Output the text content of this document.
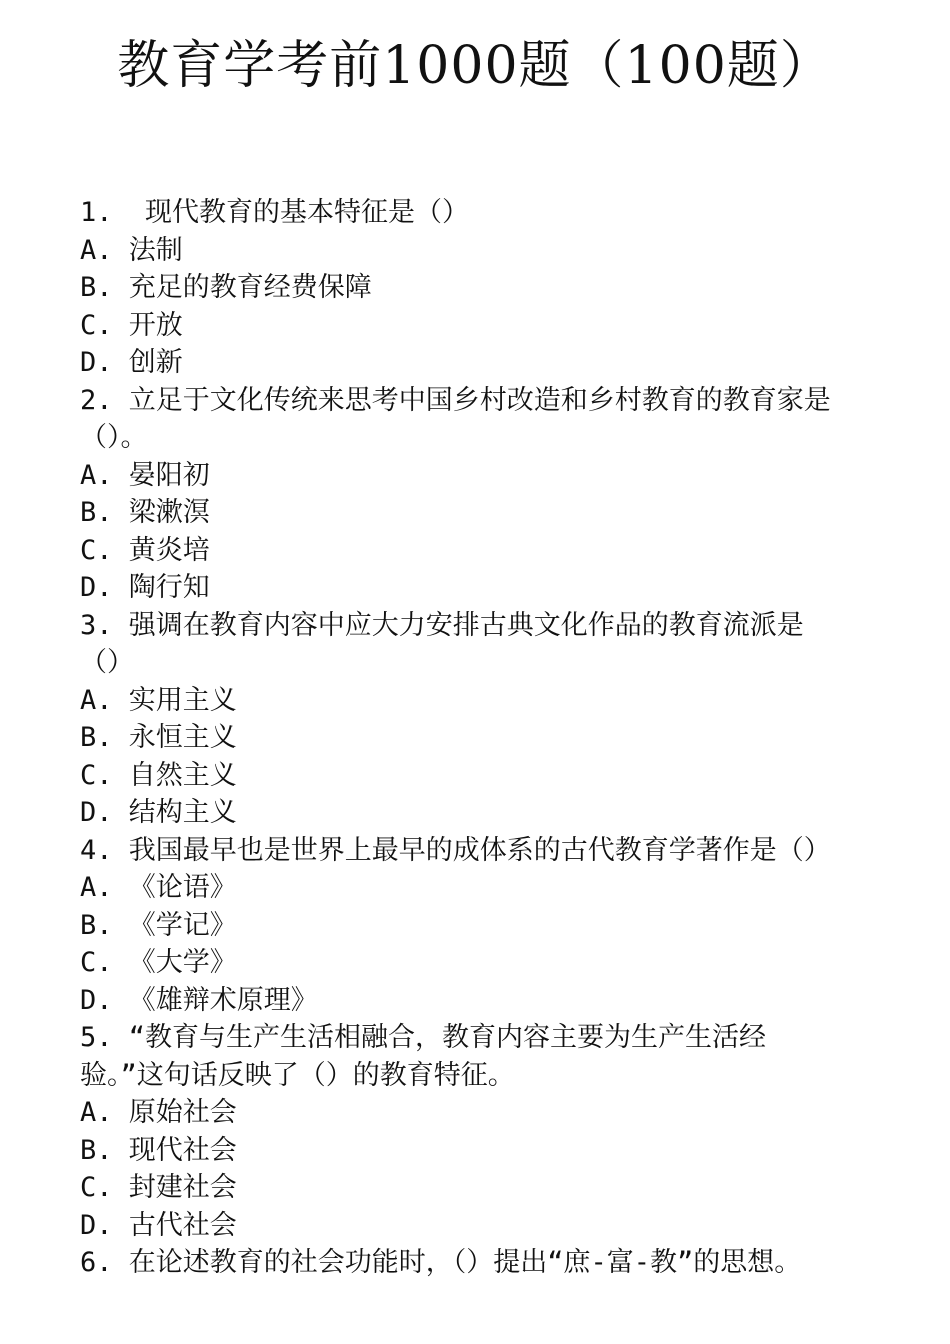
教育学考前1000题（100题）
1.  现代教育的基本特征是（）
A. 法制
B. 充足的教育经费保障
C. 开放
D. 创新
2. 立足于文化传统来思考中国乡村改造和乡村教育的教育家是
（）。
A. 晏阳初
B. 梁漱溟
C. 黄炎培
D. 陶行知
3. 强调在教育内容中应大力安排古典文化作品的教育流派是
（）
A. 实用主义
B. 永恒主义
C. 自然主义
D. 结构主义
4. 我国最早也是世界上最早的成体系的古代教育学著作是（）
A. 《论语》
B. 《学记》
C. 《大学》
D. 《雄辩术原理》
5. “教育与生产生活相融合，教育内容主要为生产生活经
验。”这句话反映了（）的教育特征。
A. 原始社会
B. 现代社会
C. 封建社会
D. 古代社会
6. 在论述教育的社会功能时，（）提出“庶-富-教”的思想。
